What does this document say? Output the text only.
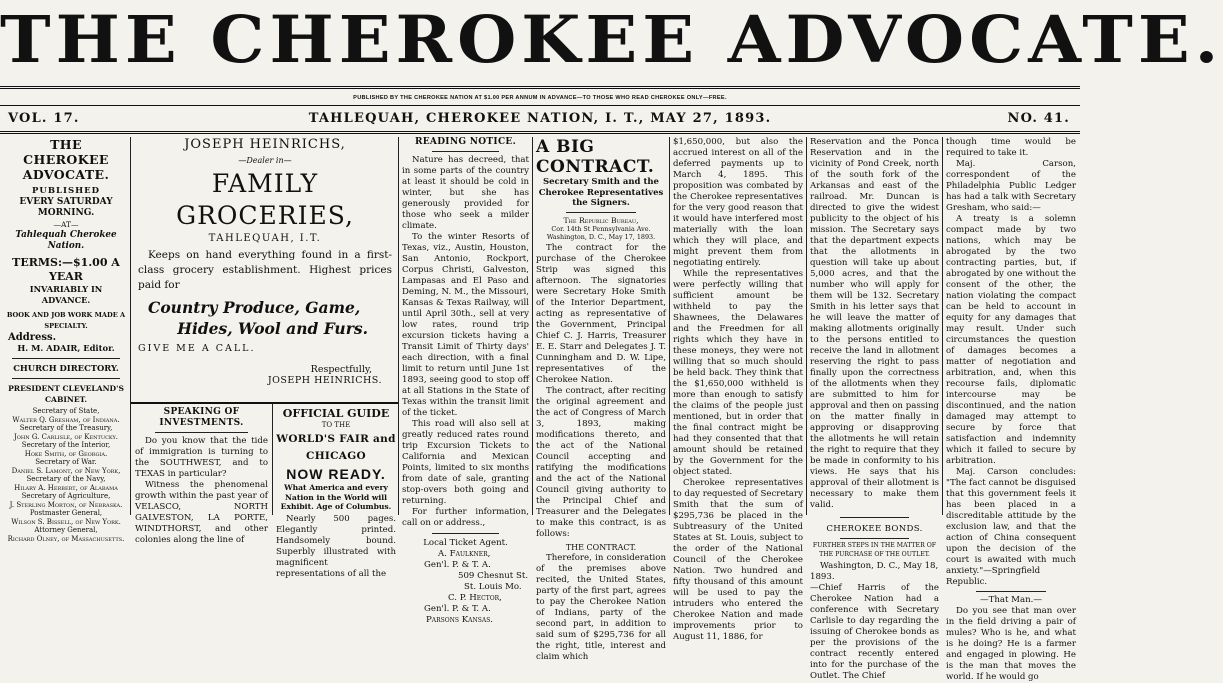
THE CHEROKEE ADVOCATE.
PUBLISHED BY THE CHEROKEE NATION AT $1.00 PER ANNUM IN ADVANCE—TO THOSE WHO READ CHEROKEE ONLY—FREE.
VOL. 17.	TAHLEQUAH, CHEROKEE NATION, I. T., MAY 27, 1893.	NO. 41.
THE CHEROKEE ADVOCATE.
PUBLISHED
EVERY SATURDAY MORNING.
—AT—
Tahlequah Cherokee Nation.
TERMS:—$1.00 A YEAR
INVARIABLY IN ADVANCE.
BOOK AND JOB WORK MADE A SPECIALTY.
Address.
H. M. ADAIR, Editor.
CHURCH DIRECTORY.
PRESIDENT CLEVELAND'S CABINET.
Secretary of State,
Walter Q. Gresham, of Indiana.
Secretary of the Treasury,
John G. Carlisle, of Kentucky.
Secretary of the Interior,
Hoke Smith, of Georgia.
Secretary of War.
Daniel S. Lamont, of New York,
Secretary of the Navy,
Hilary A. Herbert, of Alabama
Secretary of Agriculture,
J. Sterling Morton, of Nebraska.
Postmaster General,
Wilson S. Bissell, of New York.
Attorney General,
Richard Olney, of Massachusetts.
JOSEPH HEINRICHS,
—Dealer in—
FAMILY GROCERIES,
TAHLEQUAH, I.T.
Keeps on hand everything found in a first-class grocery establishment. Highest prices paid for
Country Produce, Game,
Hides, Wool and Furs.
GIVE ME A CALL.
Respectfully,
JOSEPH HEINRICHS.
SPEAKING OF INVESTMENTS.
Do you know that the tide of immigration is turning to the SOUTHWEST, and to TEXAS in particular?
Witness the phenomenal growth within the past year of VELASCO, NORTH GALVESTON, LA PORTE, WINDTHORST, and other colonies along the line of
OFFICIAL GUIDE
TO THE
WORLD'S FAIR and CHICAGO
NOW READY.
What America and every Nation in the World will Exhibit. Age of Columbus.
Nearly 500 pages. Elegantly printed. Handsomely bound. Superbly illustrated with magnificent representations of all the
READING NOTICE.
Nature has decreed, that in some parts of the country at least it should be cold in winter, but she has generously provided for those who seek a milder climate.
To the winter Resorts of Texas, viz., Austin, Houston, San Antonio, Rockport, Corpus Christi, Galveston, Lampasas and El Paso and Deming, N. M., the Missouri, Kansas & Texas Railway, will until April 30th., sell at very low rates, round trip excursion tickets having a Transit Limit of Thirty days' each direction, with a final limit to return until June 1st 1893, seeing good to stop off at all Stations in the State of Texas within the transit limit of the ticket.
This road will also sell at greatly reduced rates round trip Excursion Tickets to California and Mexican Points, limited to six months from date of sale, granting stop-overs both going and returning.
For further information, call on or address.,
Local Ticket Agent.
A. Faulkner,
Gen'l. P. & T. A.
509 Chesnut St.
St. Louis Mo.
C. P. Hector,
Gen'l. P. & T. A.
Parsons Kansas.
A BIG CONTRACT.
Secretary Smith and the Cherokee Representatives the Signers.
The Republic Bureau,
Cor. 14th St Pennsylvania Ave.
Washington, D. C., May 17, 1893.
The contract for the purchase of the Cherokee Strip was signed this afternoon. The signatories were Secretary Hoke Smith of the Interior Department, acting as representative of the Government, Principal Chief C. J. Harris, Treasurer E. E. Starr and Delegates J. T. Cunningham and D. W. Lipe, representatives of the Cherokee Nation.
The contract, after reciting the original agreement and the act of Congress of March 3, 1893, making modifications thereto, and the act of the National Council accepting and ratifying the modifications and the act of the National Council giving authority to the Principal Chief and Treasurer and the Delegates to make this contract, is as follows:
THE CONTRACT.
Therefore, in consideration of the premises above recited, the United States, party of the first part, agrees to pay the Cherokee Nation of Indians, party of the second part, in addition to said sum of $295,736 for all the right, title, interest and claim which
$1,650,000, but also the accrued interest on all of the deferred payments up to March 4, 1895. This proposition was combated by the Cherokee representatives for the very good reason that it would have interfered most materially with the loan which they will place, and might prevent them from negotiating entirely.
While the representatives were perfectly willing that sufficient amount be withheld to pay the Shawnees, the Delawares and the Freedmen for all rights which they have in these moneys, they were not willing that so much should be held back. They think that the $1,650,000 withheld is more than enough to satisfy the claims of the people just mentioned, but in order that the final contract might be had they consented that that amount should be retained by the Government for the object stated.
Cherokee representatives to day requested of Secretary Smith that the sum of $295,736 be placed in the Subtreasury of the United States at St. Louis, subject to the order of the National Council of the Cherokee Nation. Two hundred and fifty thousand of this amount will be used to pay the intruders who entered the Cherokee Nation and made improvements prior to August 11, 1886, for
Reservation and the Ponca Reservation and in the vicinity of Pond Creek, north of the south fork of the Arkansas and east of the railroad. Mr. Duncan is directed to give the widest publicity to the object of his mission. The Secretary says that the department expects that the allotments in question will take up about 5,000 acres, and that the number who will apply for them will be 132. Secretary Smith in his letter says that he will leave the matter of making allotments originally to the persons entitled to receive the land in allotment reserving the right to pass finally upon the correctness of the allotments when they are submitted to him for approval and then on passing on the matter finally in approving or disapproving the allotments he will retain the right to require that they be made in conformity to his views. He says that his approval of their allotment is necessary to make them valid.
CHEROKEE BONDS.
FURTHER STEPS IN THE MATTER OF THE PURCHASE OF THE OUTLET.
Washington, D. C., May 18, 1893.
—Chief Harris of the Cherokee Nation had a conference with Secretary Carlisle to day regarding the issuing of Cherokee bonds as per the provisions of the contract recently entered into for the purchase of the Outlet. The Chief
though time would be required to take it.
Maj. Carson, correspondent of the Philadelphia Public Ledger has had a talk with Secretary Gresham, who said:—
A treaty is a solemn compact made by two nations, which may be abrogated by the two contracting parties, but, if abrogated by one without the consent of the other, the nation violating the compact can be held to account in equity for any damages that may result. Under such circumstances the question of damages becomes a matter of negotiation and arbitration, and, when this recourse fails, diplomatic intercourse may be discontinued, and the nation damaged may attempt to secure by force that satisfaction and indemnity which it failed to secure by arbitration.
Maj. Carson concludes: "The fact cannot be disguised that this government feels it has been placed in a discreditable attitude by the exclusion law, and that the action of China consequent upon the decision of the court is awaited with much anxiety."—Springfield Republic.
—That Man.—
Do you see that man over in the field driving a pair of mules? Who is he, and what is he doing? He is a farmer and engaged in plowing. He is the man that moves the world. If he would go
